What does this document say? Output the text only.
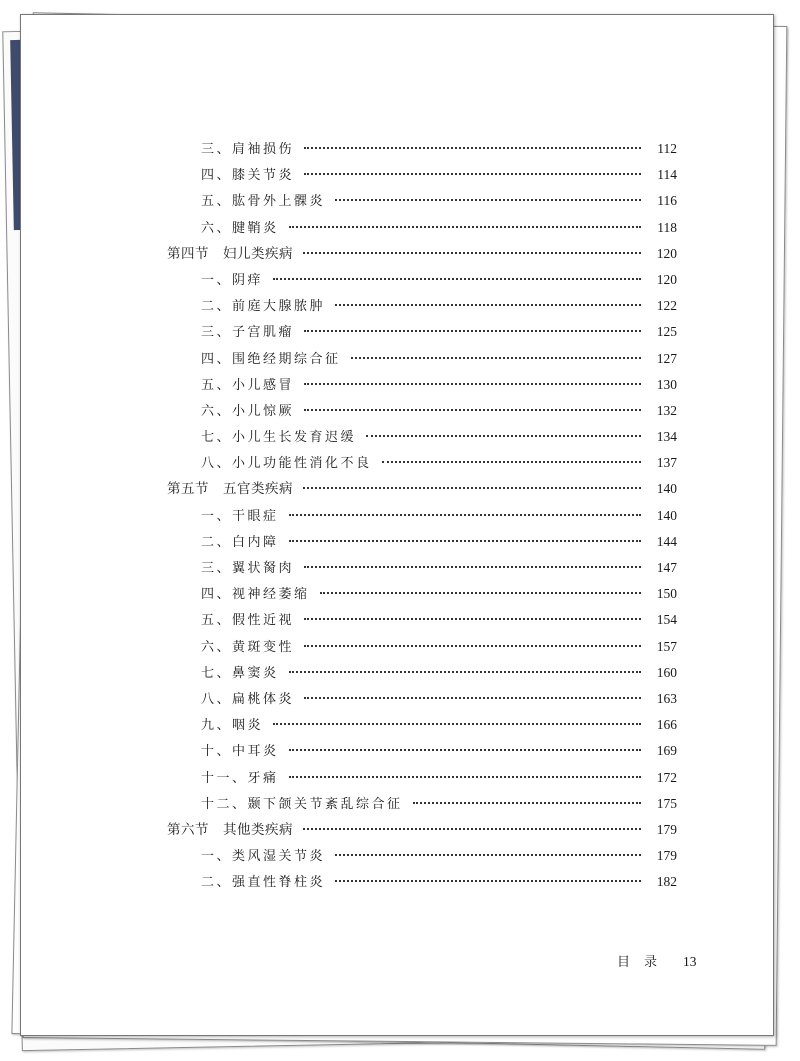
三、肩袖损伤	112
四、膝关节炎	114
五、肱骨外上髁炎	116
六、腱鞘炎	118
第四节　妇儿类疾病	120
一、阴痒	120
二、前庭大腺脓肿	122
三、子宫肌瘤	125
四、围绝经期综合征	127
五、小儿感冒	130
六、小儿惊厥	132
七、小儿生长发育迟缓	134
八、小儿功能性消化不良	137
第五节　五官类疾病	140
一、干眼症	140
二、白内障	144
三、翼状胬肉	147
四、视神经萎缩	150
五、假性近视	154
六、黄斑变性	157
七、鼻窦炎	160
八、扁桃体炎	163
九、咽炎	166
十、中耳炎	169
十一、牙痛	172
十二、颞下颌关节紊乱综合征	175
第六节　其他类疾病	179
一、类风湿关节炎	179
二、强直性脊柱炎	182
目录 13
